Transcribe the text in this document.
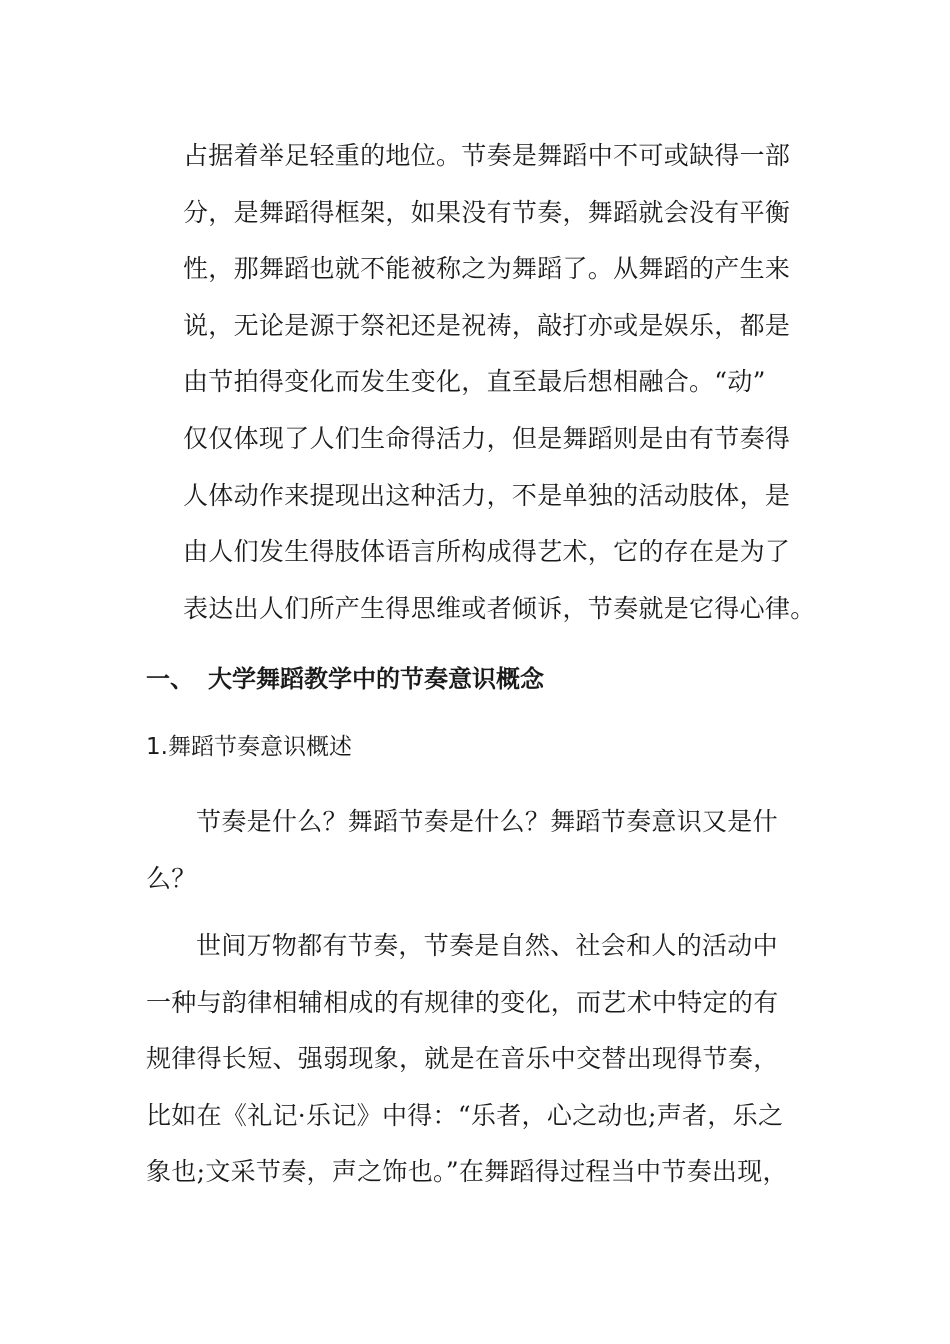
占据着举足轻重的地位。节奏是舞蹈中不可或缺得一部
分，是舞蹈得框架，如果没有节奏，舞蹈就会没有平衡
性，那舞蹈也就不能被称之为舞蹈了。从舞蹈的产生来
说，无论是源于祭祀还是祝祷，敲打亦或是娱乐，都是
由节拍得变化而发生变化，直至最后想相融合。“动”
仅仅体现了人们生命得活力，但是舞蹈则是由有节奏得
人体动作来提现出这种活力，不是单独的活动肢体，是
由人们发生得肢体语言所构成得艺术，它的存在是为了
表达出人们所产生得思维或者倾诉，节奏就是它得心律。
一、 大学舞蹈教学中的节奏意识概念
1.舞蹈节奏意识概述
节奏是什么？舞蹈节奏是什么？舞蹈节奏意识又是什
么？
世间万物都有节奏，节奏是自然、社会和人的活动中
一种与韵律相辅相成的有规律的变化，而艺术中特定的有
规律得长短、强弱现象，就是在音乐中交替出现得节奏，
比如在《礼记·乐记》中得：“乐者，心之动也;声者，乐之
象也;文采节奏，声之饰也。”在舞蹈得过程当中节奏出现，
